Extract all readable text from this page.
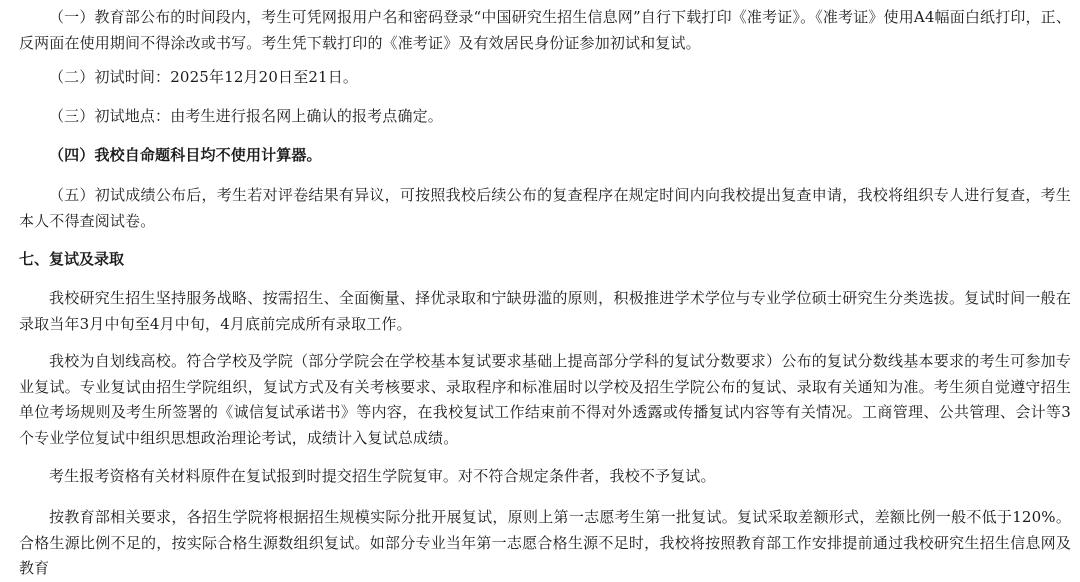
（一）教育部公布的时间段内，考生可凭网报用户名和密码登录“中国研究生招生信息网”自行下载打印《准考证》。《准考证》使用A4幅面白纸打印，正、反两面在使用期间不得涂改或书写。考生凭下载打印的《准考证》及有效居民身份证参加初试和复试。

（二）初试时间：2025年12月20日至21日。

（三）初试地点：由考生进行报名网上确认的报考点确定。

（四）我校自命题科目均不使用计算器。

（五）初试成绩公布后，考生若对评卷结果有异议，可按照我校后续公布的复查程序在规定时间内向我校提出复查申请，我校将组织专人进行复查，考生本人不得查阅试卷。

七、复试及录取

我校研究生招生坚持服务战略、按需招生、全面衡量、择优录取和宁缺毋滥的原则，积极推进学术学位与专业学位硕士研究生分类选拔。复试时间一般在录取当年3月中旬至4月中旬，4月底前完成所有录取工作。

我校为自划线高校。符合学校及学院（部分学院会在学校基本复试要求基础上提高部分学科的复试分数要求）公布的复试分数线基本要求的考生可参加专业复试。专业复试由招生学院组织，复试方式及有关考核要求、录取程序和标准届时以学校及招生学院公布的复试、录取有关通知为准。考生须自觉遵守招生单位考场规则及考生所签署的《诚信复试承诺书》等内容，在我校复试工作结束前不得对外透露或传播复试内容等有关情况。工商管理、公共管理、会计等3个专业学位复试中组织思想政治理论考试，成绩计入复试总成绩。

考生报考资格有关材料原件在复试报到时提交招生学院复审。对不符合规定条件者，我校不予复试。

按教育部相关要求，各招生学院将根据招生规模实际分批开展复试，原则上第一志愿考生第一批复试。复试采取差额形式，差额比例一般不低于120%。合格生源比例不足的，按实际合格生源数组织复试。如部分专业当年第一志愿合格生源不足时，我校将按照教育部工作安排提前通过我校研究生招生信息网及教育
